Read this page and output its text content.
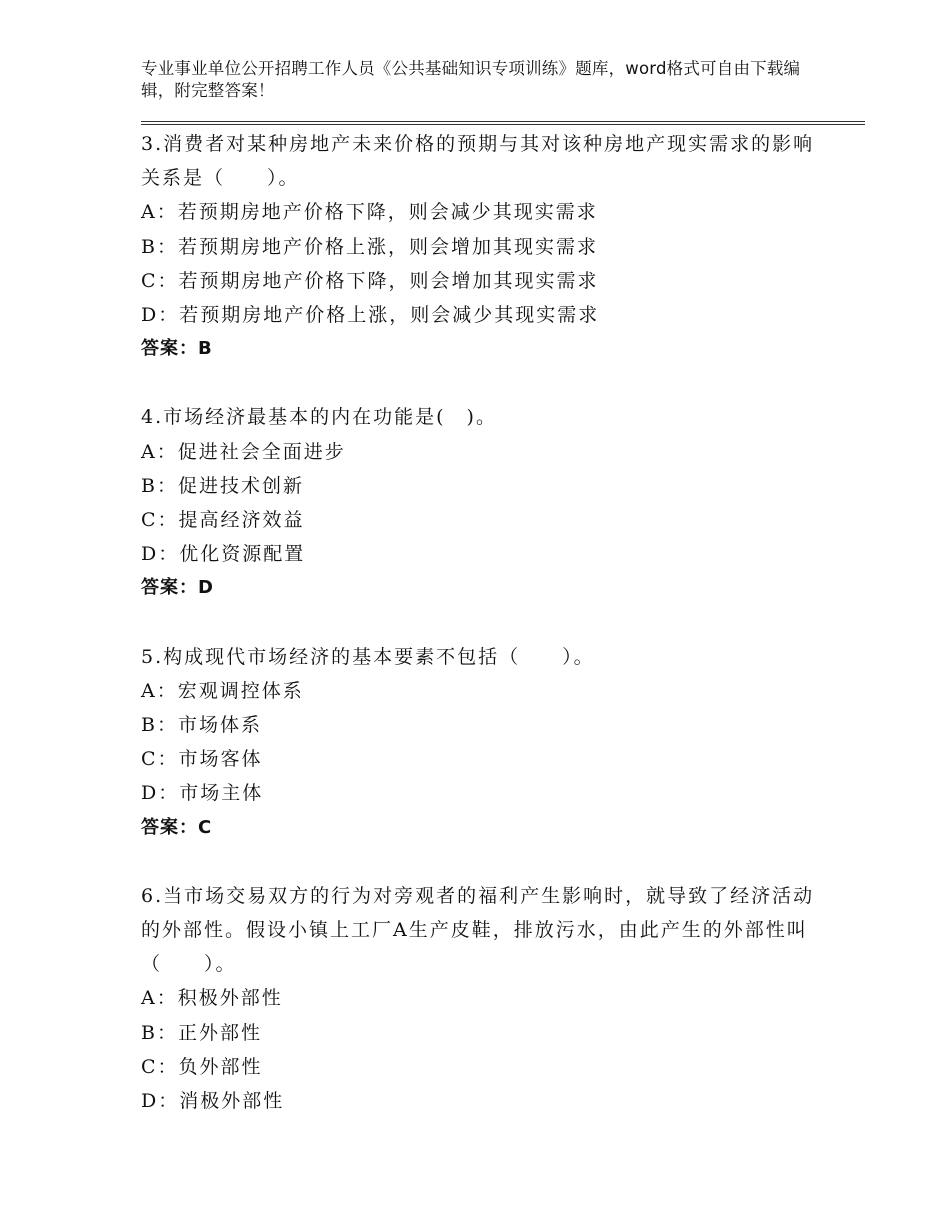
专业事业单位公开招聘工作人员《公共基础知识专项训练》题库，word格式可自由下载编辑，附完整答案！
3.消费者对某种房地产未来价格的预期与其对该种房地产现实需求的影响关系是（　　）。
A：若预期房地产价格下降，则会减少其现实需求
B：若预期房地产价格上涨，则会增加其现实需求
C：若预期房地产价格下降，则会增加其现实需求
D：若预期房地产价格上涨，则会减少其现实需求
答案：B
4.市场经济最基本的内在功能是(　)。
A：促进社会全面进步
B：促进技术创新
C：提高经济效益
D：优化资源配置
答案：D
5.构成现代市场经济的基本要素不包括（　　）。
A：宏观调控体系
B：市场体系
C：市场客体
D：市场主体
答案：C
6.当市场交易双方的行为对旁观者的福利产生影响时，就导致了经济活动的外部性。假设小镇上工厂A生产皮鞋，排放污水，由此产生的外部性叫（　　）。
A：积极外部性
B：正外部性
C：负外部性
D：消极外部性
